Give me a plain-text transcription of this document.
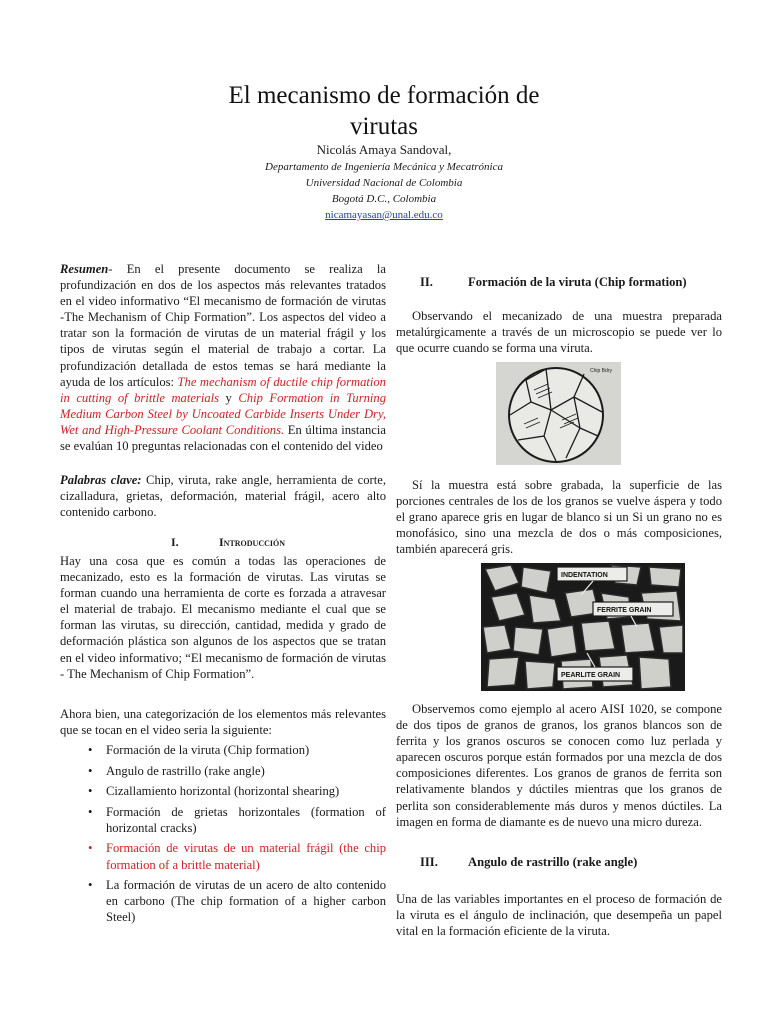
El mecanismo de formación de
virutas
Nicolás Amaya Sandoval,
Departamento de Ingeniería Mecánica y Mecatrónica
Universidad Nacional de Colombia
Bogotá D.C., Colombia
nicamayasan@unal.edu.co
Resumen- En el presente documento se realiza la profundización en dos de los aspectos más relevantes tratados en el video informativo “El mecanismo de formación de virutas -The Mechanism of Chip Formation”. Los aspectos del video a tratar son la formación de virutas de un material frágil y los tipos de virutas según el material de trabajo a cortar. La profundización detallada de estos temas se hará mediante la ayuda de los artículos: The mechanism of ductile chip formation in cutting of brittle materials y Chip Formation in Turning Medium Carbon Steel by Uncoated Carbide Inserts Under Dry, Wet and High-Pressure Coolant Conditions. En última instancia se evalúan 10 preguntas relacionadas con el contenido del video
Palabras clave: Chip, viruta, rake angle, herramienta de corte, cizalladura, grietas, deformación, material frágil, acero alto contenido carbono.
I.	Introducción
Hay una cosa que es común a todas las operaciones de mecanizado, esto es la formación de virutas. Las virutas se forman cuando una herramienta de corte es forzada a atravesar el material de trabajo. El mecanismo mediante el cual que se forman las virutas, su dirección, cantidad, medida y grado de deformación plástica son algunos de los aspectos que se tratan en el video informativo; “El mecanismo de formación de virutas - The Mechanism of Chip Formation”.
Ahora bien, una categorización de los elementos más relevantes que se tocan en el video seria la siguiente:
• Formación de la viruta (Chip formation)
• Angulo de rastrillo (rake angle)
• Cizallamiento horizontal (horizontal shearing)
• Formación de grietas horizontales (formation of horizontal cracks)
• Formación de virutas de un material frágil (the chip formation of a brittle material)
• La formación de virutas de un acero de alto contenido en carbono (The chip formation of a higher carbon Steel)
II.	Formación de la viruta (Chip formation)
Observando el mecanizado de una muestra preparada metalúrgicamente a través de un microscopio se puede ver lo que ocurre cuando se forma una viruta.
Chip Bdry
Sí la muestra está sobre grabada, la superficie de las porciones centrales de los de los granos se vuelve áspera y todo el grano aparece gris en lugar de blanco si un Si un grano no es monofásico, sino una mezcla de dos o más composiciones, también aparecerá gris.
INDENTATION
FERRITE GRAIN
PEARLITE GRAIN
Observemos como ejemplo al acero AISI 1020, se compone de dos tipos de granos de granos, los granos blancos son de ferrita y los granos oscuros se conocen como luz perlada y aparecen oscuros porque están formados por una mezcla de dos composiciones diferentes. Los granos de granos de ferrita son relativamente blandos y dúctiles mientras que los granos de perlita son considerablemente más duros y menos dúctiles. La imagen en forma de diamante es de nuevo una micro dureza.
III. Angulo de rastrillo (rake angle)
Una de las variables importantes en el proceso de formación de la viruta es el ángulo de inclinación, que desempeña un papel vital en la formación eficiente de la viruta.
